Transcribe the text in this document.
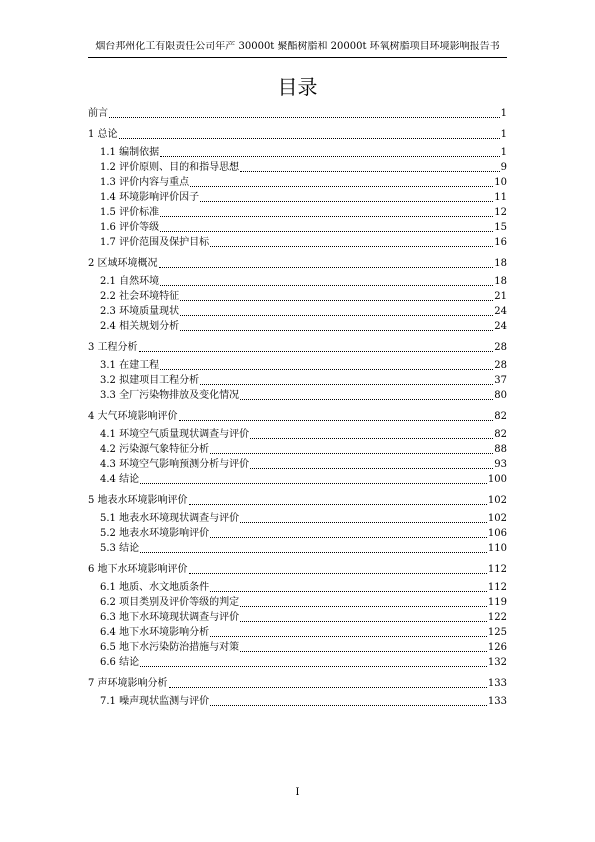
烟台邦州化工有限责任公司年产 30000t 聚酯树脂和 20000t 环氧树脂项目环境影响报告书
目录
前言	1
1 总论	1
1.1 编制依据	1
1.2 评价原则、目的和指导思想	9
1.3 评价内容与重点	10
1.4 环境影响评价因子	11
1.5 评价标准	12
1.6 评价等级	15
1.7 评价范围及保护目标	16
2 区域环境概况	18
2.1 自然环境	18
2.2 社会环境特征	21
2.3 环境质量现状	24
2.4 相关规划分析	24
3 工程分析	28
3.1 在建工程	28
3.2 拟建项目工程分析	37
3.3 全厂污染物排放及变化情况	80
4 大气环境影响评价	82
4.1 环境空气质量现状调查与评价	82
4.2 污染源气象特征分析	88
4.3 环境空气影响预测分析与评价	93
4.4 结论	100
5 地表水环境影响评价	102
5.1 地表水环境现状调查与评价	102
5.2 地表水环境影响评价	106
5.3 结论	110
6 地下水环境影响评价	112
6.1 地质、水文地质条件	112
6.2 项目类别及评价等级的判定	119
6.3 地下水环境现状调查与评价	122
6.4 地下水环境影响分析	125
6.5 地下水污染防治措施与对策	126
6.6 结论	132
7 声环境影响分析	133
7.1 噪声现状监测与评价	133
I
